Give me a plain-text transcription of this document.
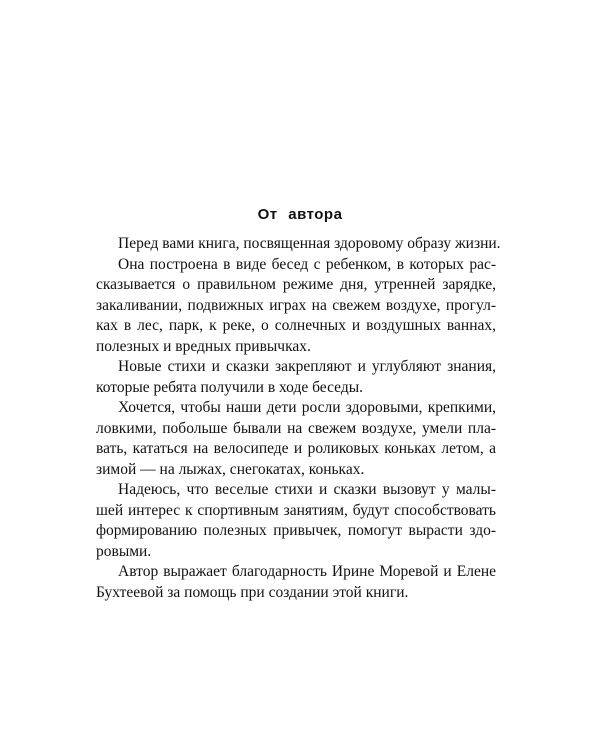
От автора
Перед вами книга, посвященная здоровому образу жизни.
Она построена в виде бесед с ребенком, в которых рас-
сказывается о правильном режиме дня, утренней зарядке,
закаливании, подвижных играх на свежем воздухе, прогул-
ках в лес, парк, к реке, о солнечных и воздушных ваннах,
полезных и вредных привычках.
Новые стихи и сказки закрепляют и углубляют знания,
которые ребята получили в ходе беседы.
Хочется, чтобы наши дети росли здоровыми, крепкими,
ловкими, побольше бывали на свежем воздухе, умели пла-
вать, кататься на велосипеде и роликовых коньках летом, а
зимой — на лыжах, снегокатах, коньках.
Надеюсь, что веселые стихи и сказки вызовут у малы-
шей интерес к спортивным занятиям, будут способствовать
формированию полезных привычек, помогут вырасти здо-
ровыми.
Автор выражает благодарность Ирине Моревой и Елене
Бухтеевой за помощь при создании этой книги.
